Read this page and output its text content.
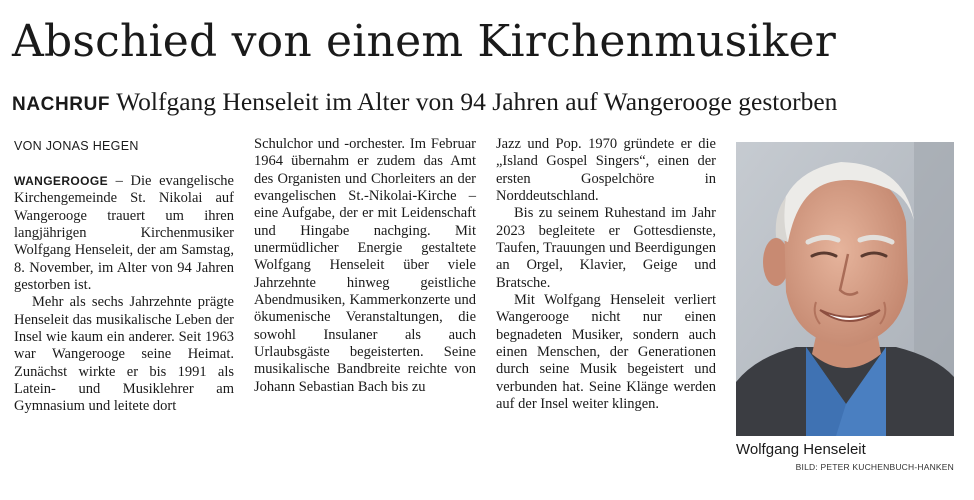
Abschied von einem Kirchenmusiker
NACHRUF Wolfgang Henseleit im Alter von 94 Jahren auf Wangerooge gestorben
VON JONAS HEGEN

WANGEROOGE – Die evangelische Kirchengemeinde St. Nikolai auf Wangerooge trauert um ihren langjährigen Kirchenmusiker Wolfgang Henseleit, der am Samstag, 8. November, im Alter von 94 Jahren gestorben ist.

Mehr als sechs Jahrzehnte prägte Henseleit das musikalische Leben der Insel wie kaum ein anderer. Seit 1963 war Wangerooge seine Heimat. Zunächst wirkte er bis 1991 als Latein- und Musiklehrer am Gymnasium und leitete dort

Schulchor und -orchester. Im Februar 1964 übernahm er zudem das Amt des Organisten und Chorleiters an der evangelischen St.-Nikolai-Kirche – eine Aufgabe, der er mit Leidenschaft und Hingabe nachging. Mit unermüdlicher Energie gestaltete Wolfgang Henseleit über viele Jahrzehnte hinweg geistliche Abendmusiken, Kammerkonzerte und ökumenische Veranstaltungen, die sowohl Insulaner als auch Urlaubsgäste begeisterten. Seine musikalische Bandbreite reichte von Johann Sebastian Bach bis zu

Jazz und Pop. 1970 gründete er die „Island Gospel Singers“, einen der ersten Gospelchöre in Norddeutschland.

Bis zu seinem Ruhestand im Jahr 2023 begleitete er Gottesdienste, Taufen, Trauungen und Beerdigungen an Orgel, Klavier, Geige und Bratsche.

Mit Wolfgang Henseleit verliert Wangerooge nicht nur einen begnadeten Musiker, sondern auch einen Menschen, der Generationen durch seine Musik begeistert und verbunden hat. Seine Klänge werden auf der Insel weiter klingen.

Wolfgang Henseleit
BILD: PETER KUCHENBUCH-HANKEN
